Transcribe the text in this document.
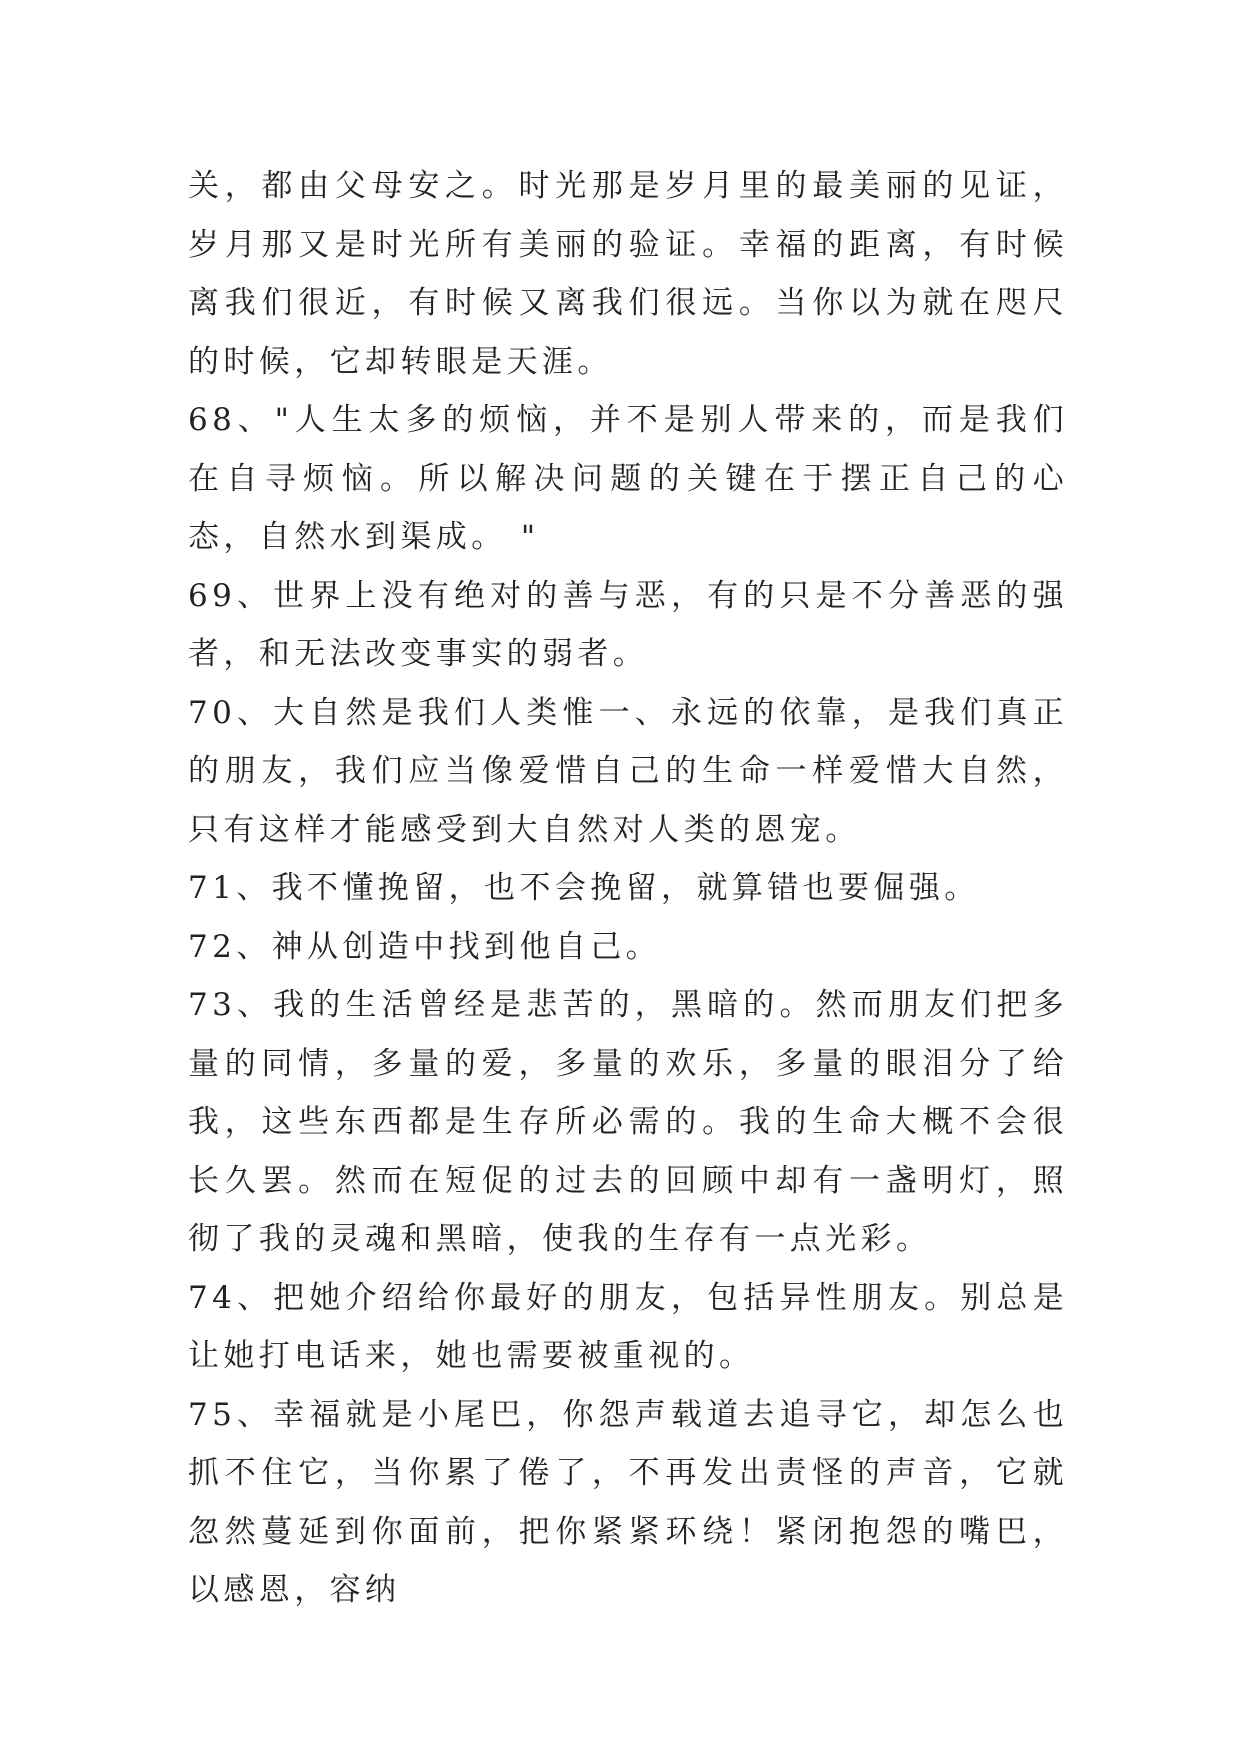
关，都由父母安之。时光那是岁月里的最美丽的见证，岁月那又是时光所有美丽的验证。幸福的距离，有时候离我们很近，有时候又离我们很远。当你以为就在咫尺的时候，它却转眼是天涯。

68、"人生太多的烦恼，并不是别人带来的，而是我们在自寻烦恼。所以解决问题的关键在于摆正自己的心态，自然水到渠成。 "

69、世界上没有绝对的善与恶，有的只是不分善恶的强者，和无法改变事实的弱者。

70、大自然是我们人类惟一、永远的依靠，是我们真正的朋友，我们应当像爱惜自己的生命一样爱惜大自然，只有这样才能感受到大自然对人类的恩宠。

71、我不懂挽留，也不会挽留，就算错也要倔强。

72、神从创造中找到他自己。

73、我的生活曾经是悲苦的，黑暗的。然而朋友们把多量的同情，多量的爱，多量的欢乐，多量的眼泪分了给我，这些东西都是生存所必需的。我的生命大概不会很长久罢。然而在短促的过去的回顾中却有一盏明灯，照彻了我的灵魂和黑暗，使我的生存有一点光彩。

74、把她介绍给你最好的朋友，包括异性朋友。别总是让她打电话来，她也需要被重视的。

75、幸福就是小尾巴，你怨声载道去追寻它，却怎么也抓不住它，当你累了倦了，不再发出责怪的声音，它就忽然蔓延到你面前，把你紧紧环绕！紧闭抱怨的嘴巴，以感恩，容纳
